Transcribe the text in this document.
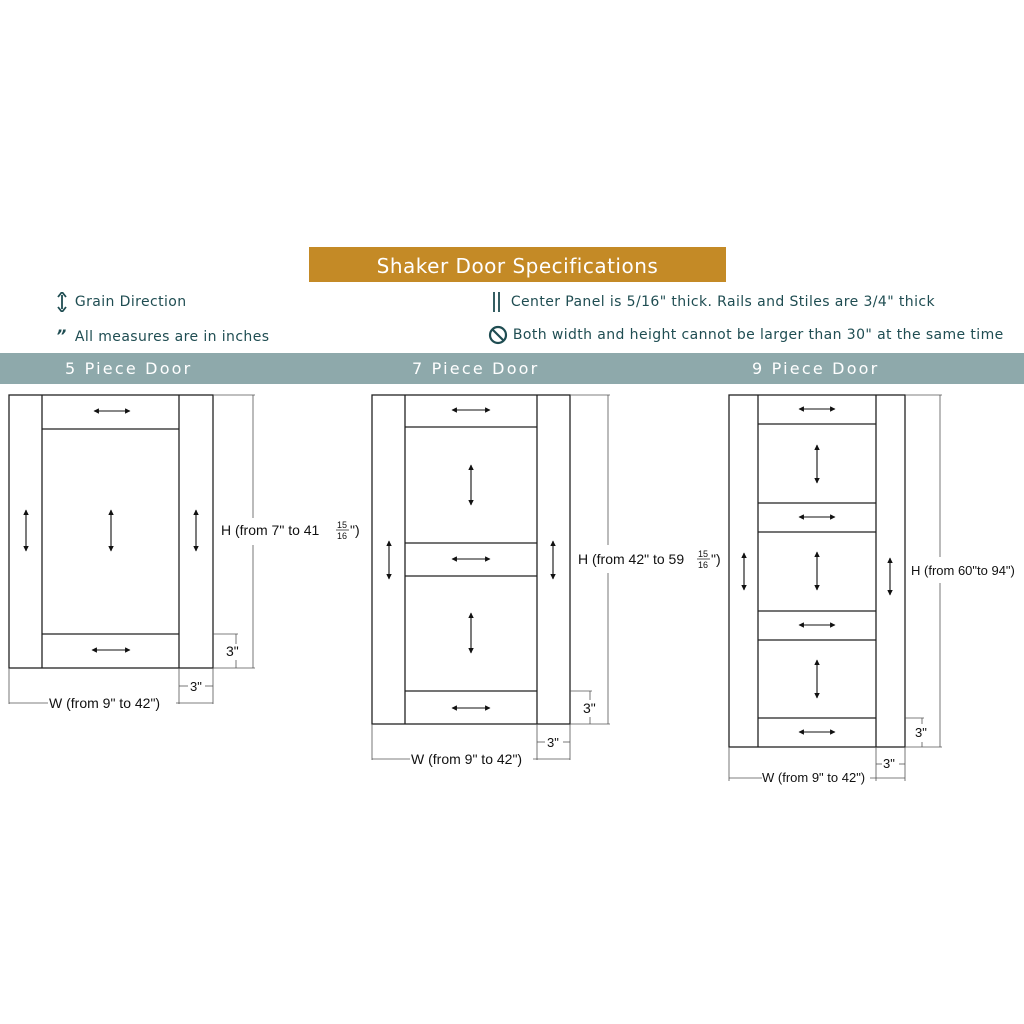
Shaker Door Specifications
Grain Direction
” All measures are in inches
Center Panel is 5/16" thick. Rails and Stiles are 3/4" thick
Both width and height cannot be larger than 30" at the same time
5 Piece Door	7 Piece Door	9 Piece Door
H (from 7" to 41 15
16 ")
3"
3"
W (from 9" to 42")
H (from 42" to 59 15
16 ")
3"
3"
W (from 9" to 42")
H (from 60"to 94")
3"
3"
W (from 9" to 42")
